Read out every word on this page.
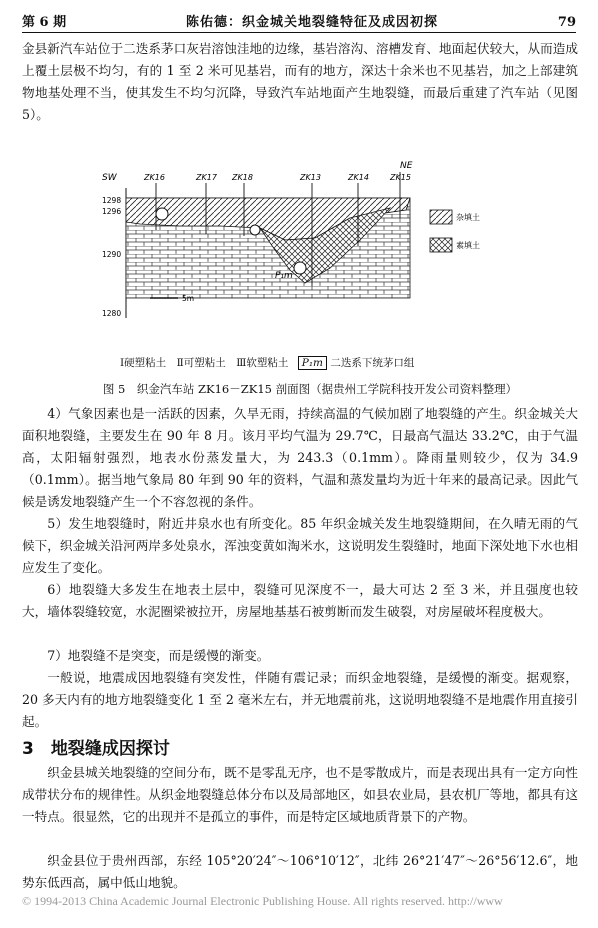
第 6 期	陈佑德：织金城关地裂缝特征及成因初探	79

金县新汽车站位于二迭系茅口灰岩溶蚀洼地的边缘，基岩溶沟、溶槽发育、地面起伏较大，从而造成上覆土层极不均匀，有的 1 至 2 米可见基岩，而有的地方，深达十余米也不见基岩，加之上部建筑物地基处理不当，使其发生不均匀沉降，导致汽车站地面产生地裂缝，而最后重建了汽车站（见图 5）。

SW
NE
1298
1296
1290
1280
ZK16	ZK17 ZK18	ZK13	ZK14	ZK15
P₁m
5m
杂填土
素填土
Ⅰ硬塑粘土　Ⅱ可塑粘土　Ⅲ软塑粘土 P₁m 二迭系下统茅口组
图 5　织金汽车站 ZK16－ZK15 剖面图（据贵州工学院科技开发公司资料整理）

4）气象因素也是一活跃的因素，久旱无雨，持续高温的气候加剧了地裂缝的产生。织金城关大面积地裂缝，主要发生在 90 年 8 月。该月平均气温为 29.7℃，日最高气温达 33.2℃，由于气温高，太阳辐射强烈，地表水份蒸发量大，为 243.3（0.1mm）。降雨量则较少，仅为 34.9（0.1mm）。据当地气象局 80 年到 90 年的资料，气温和蒸发量均为近十年来的最高记录。因此气候是诱发地裂缝产生一个不容忽视的条件。

5）发生地裂缝时，附近井泉水也有所变化。85 年织金城关发生地裂缝期间，在久晴无雨的气候下，织金城关沿河两岸多处泉水，浑浊变黄如淘米水，这说明发生裂缝时，地面下深处地下水也相应发生了变化。

6）地裂缝大多发生在地表土层中，裂缝可见深度不一，最大可达 2 至 3 米，并且强度也较大，墙体裂缝较宽，水泥圈梁被拉开，房屋地基基石被剪断而发生破裂，对房屋破坏程度极大。

7）地裂缝不是突变，而是缓慢的渐变。

一般说，地震成因地裂缝有突发性，伴随有震记录；而织金地裂缝，是缓慢的渐变。据观察，20 多天内有的地方地裂缝变化 1 至 2 毫米左右，并无地震前兆，这说明地裂缝不是地震作用直接引起。

3　地裂缝成因探讨

织金县城关地裂缝的空间分布，既不是零乱无序，也不是零散成片，而是表现出具有一定方向性成带状分布的规律性。从织金地裂缝总体分布以及局部地区，如县农业局，县农机厂等地，都具有这一特点。很显然，它的出现并不是孤立的事件，而是特定区域地质背景下的产物。

织金县位于贵州西部，东经 105°20′24″～106°10′12″，北纬 26°21′47″～26°56′12.6″，地势东低西高，属中低山地貌。

© 1994-2013 China Academic Journal Electronic Publishing House. All rights reserved. http://www
